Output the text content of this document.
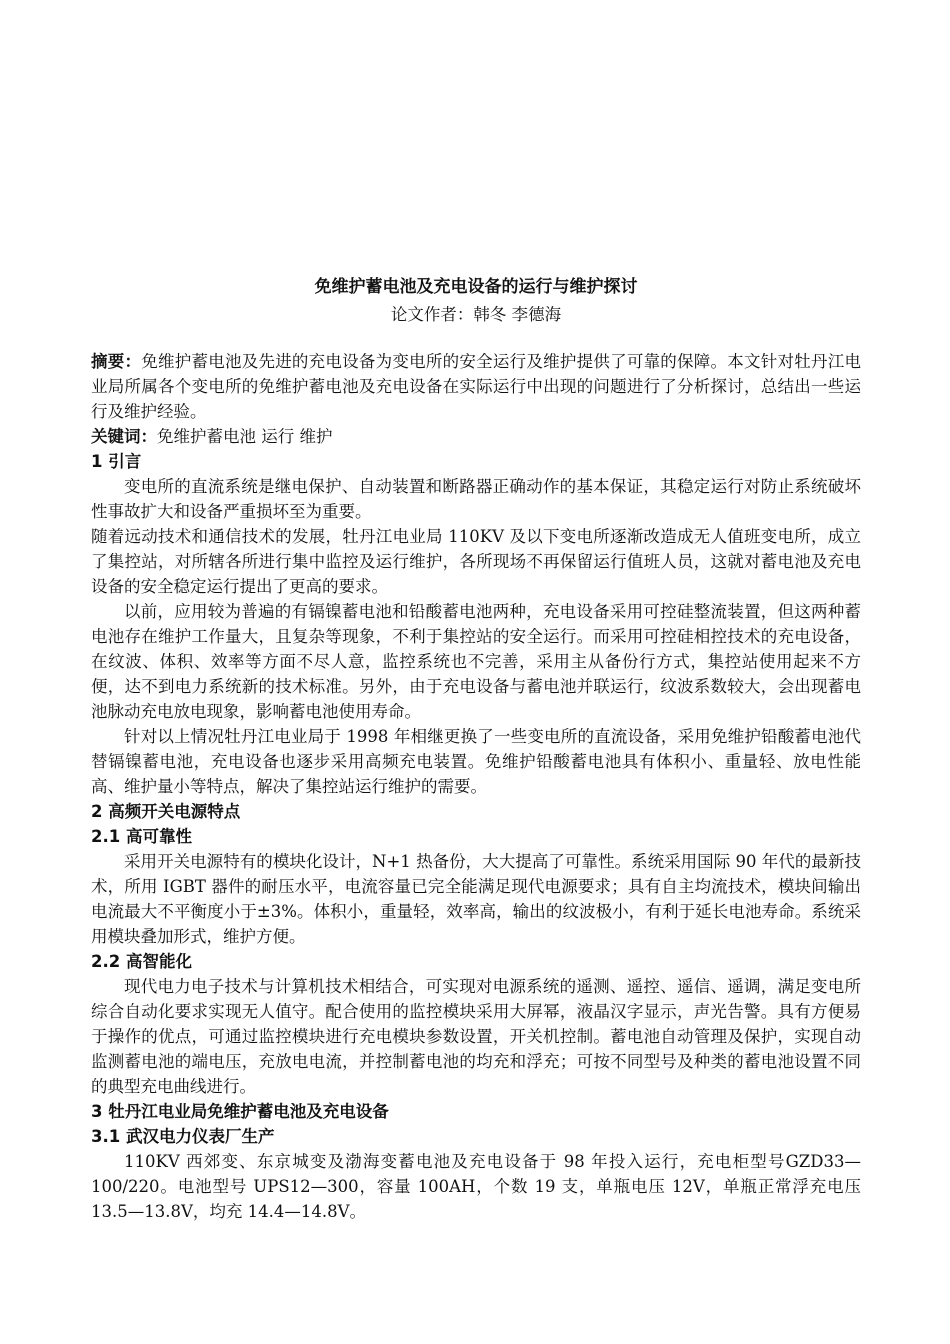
免维护蓄电池及充电设备的运行与维护探讨

论文作者：韩冬 李德海

摘要：免维护蓄电池及先进的充电设备为变电所的安全运行及维护提供了可靠的保障。本文针对牡丹江电业局所属各个变电所的免维护蓄电池及充电设备在实际运行中出现的问题进行了分析探讨，总结出一些运行及维护经验。

关键词：免维护蓄电池 运行 维护

1 引言

变电所的直流系统是继电保护、自动装置和断路器正确动作的基本保证，其稳定运行对防止系统破坏性事故扩大和设备严重损坏至为重要。

随着远动技术和通信技术的发展，牡丹江电业局 110KV 及以下变电所逐渐改造成无人值班变电所，成立了集控站，对所辖各所进行集中监控及运行维护，各所现场不再保留运行值班人员，这就对蓄电池及充电设备的安全稳定运行提出了更高的要求。

以前，应用较为普遍的有镉镍蓄电池和铅酸蓄电池两种，充电设备采用可控硅整流装置，但这两种蓄电池存在维护工作量大，且复杂等现象，不利于集控站的安全运行。而采用可控硅相控技术的充电设备，在纹波、体积、效率等方面不尽人意，监控系统也不完善，采用主从备份行方式，集控站使用起来不方便，达不到电力系统新的技术标准。另外，由于充电设备与蓄电池并联运行，纹波系数较大，会出现蓄电池脉动充电放电现象，影响蓄电池使用寿命。

针对以上情况牡丹江电业局于 1998 年相继更换了一些变电所的直流设备，采用免维护铅酸蓄电池代替镉镍蓄电池，充电设备也逐步采用高频充电装置。免维护铅酸蓄电池具有体积小、重量轻、放电性能高、维护量小等特点，解决了集控站运行维护的需要。

2 高频开关电源特点

2.1 高可靠性

采用开关电源特有的模块化设计，N+1 热备份，大大提高了可靠性。系统采用国际 90 年代的最新技术，所用 IGBT 器件的耐压水平，电流容量已完全能满足现代电源要求；具有自主均流技术，模块间输出电流最大不平衡度小于±3%。体积小，重量轻，效率高，输出的纹波极小，有利于延长电池寿命。系统采用模块叠加形式，维护方便。

2.2 高智能化

现代电力电子技术与计算机技术相结合，可实现对电源系统的遥测、遥控、遥信、遥调，满足变电所综合自动化要求实现无人值守。配合使用的监控模块采用大屏幂，液晶汉字显示，声光告警。具有方便易于操作的优点，可通过监控模块进行充电模块参数设置，开关机控制。蓄电池自动管理及保护，实现自动监测蓄电池的端电压，充放电电流，并控制蓄电池的均充和浮充；可按不同型号及种类的蓄电池设置不同的典型充电曲线进行。

3 牡丹江电业局免维护蓄电池及充电设备

3.1 武汉电力仪表厂生产

110KV 西郊变、东京城变及渤海变蓄电池及充电设备于 98 年投入运行，充电柜型号GZD33—100/220。电池型号 UPS12—300，容量 100AH，个数 19 支，单瓶电压 12V，单瓶正常浮充电压 13.5—13.8V，均充 14.4—14.8V。
